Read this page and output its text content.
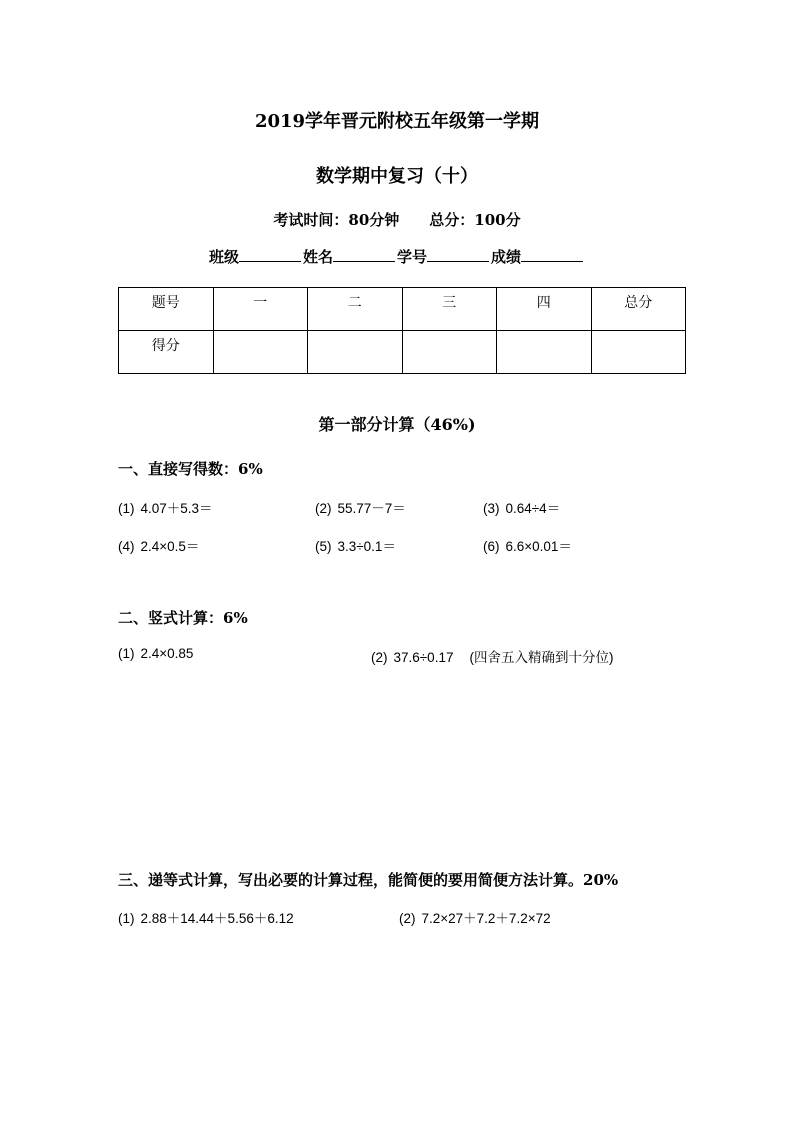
2019学年晋元附校五年级第一学期
数学期中复习（十）
考试时间：80分钟　　总分：100分
班级	姓名	学号	成绩
题号	一	二	三	四	总分
得分					
第一部分计算（46%)
一、直接写得数：6%
(1) 4.07＋5.3＝	(2) 55.77－7＝	(3) 0.64÷4＝
(4) 2.4×0.5＝	(5) 3.3÷0.1＝	(6) 6.6×0.01＝
二、竖式计算：6%
(1) 2.4×0.85	(2) 37.6÷0.17 (四舍五入精确到十分位)
三、递等式计算，写出必要的计算过程，能简便的要用简便方法计算。20%
(1) 2.88＋14.44＋5.56＋6.12	(2) 7.2×27＋7.2＋7.2×72
